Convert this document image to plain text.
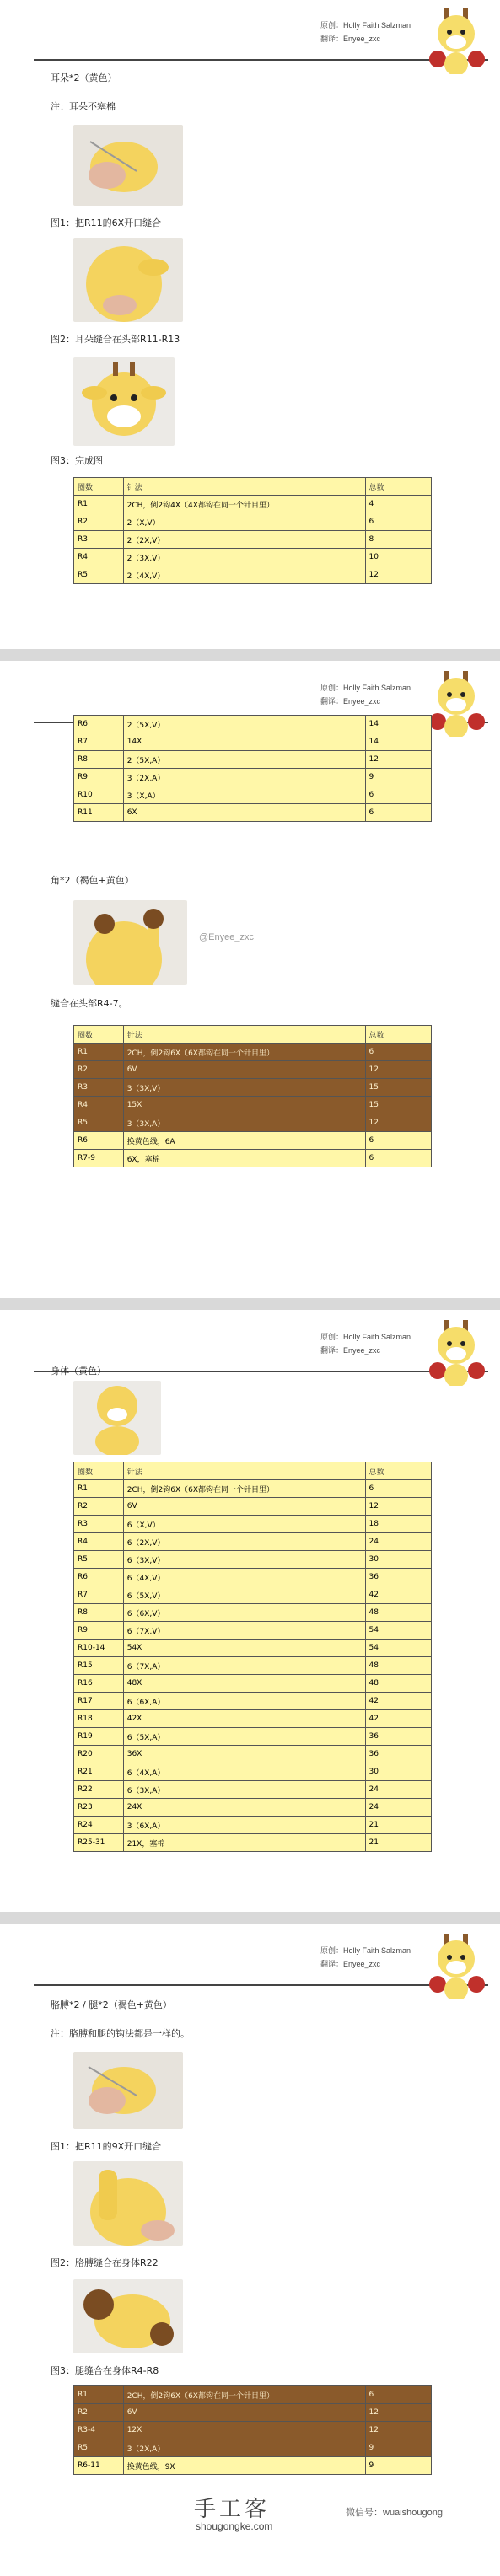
原创：Holly Faith Salzman
翻译：Enyee_zxc
耳朵*2（黄色）
注：耳朵不塞棉
图1：把R11的6X开口缝合
图2：耳朵缝合在头部R11-R13
图3：完成图
圈数	针法	总数
R1	2CH，倒2钩4X（4X都钩在同一个针目里）	4
R2	2（X,V）	6
R3	2（2X,V）	8
R4	2（3X,V）	10
R5	2（4X,V）	12
原创：Holly Faith Salzman
翻译：Enyee_zxc
R6	2（5X,V）	14
R7	14X	14
R8	2（5X,A）	12
R9	3（2X,A）	9
R10	3（X,A）	6
R11	6X	6
角*2（褐色+黄色）
@Enyee_zxc
缝合在头部R4-7。
圈数	针法	总数
R1	2CH，倒2钩6X（6X都钩在同一个针目里）	6
R2	6V	12
R3	3（3X,V）	15
R4	15X	15
R5	3（3X,A）	12
R6	换黄色线，6A	6
R7-9	6X，塞棉	6
原创：Holly Faith Salzman
翻译：Enyee_zxc
身体（黄色）
圈数	针法	总数
R1	2CH，倒2钩6X（6X都钩在同一个针目里）	6
R2	6V	12
R3	6（X,V）	18
R4	6（2X,V）	24
R5	6（3X,V）	30
R6	6（4X,V）	36
R7	6（5X,V）	42
R8	6（6X,V）	48
R9	6（7X,V）	54
R10-14	54X	54
R15	6（7X,A）	48
R16	48X	48
R17	6（6X,A）	42
R18	42X	42
R19	6（5X,A）	36
R20	36X	36
R21	6（4X,A）	30
R22	6（3X,A）	24
R23	24X	24
R24	3（6X,A）	21
R25-31	21X，塞棉	21
原创：Holly Faith Salzman
翻译：Enyee_zxc
胳膊*2 / 腿*2（褐色+黄色）
注：胳膊和腿的钩法都是一样的。
图1：把R11的9X开口缝合
图2：胳膊缝合在身体R22
图3：腿缝合在身体R4-R8
R1	2CH，倒2钩6X（6X都钩在同一个针目里）	6
R2	6V	12
R3-4	12X	12
R5	3（2X,A）	9
R6-11	换黄色线，9X	9
手工客
shougongke.com
微信号：wuaishougong
